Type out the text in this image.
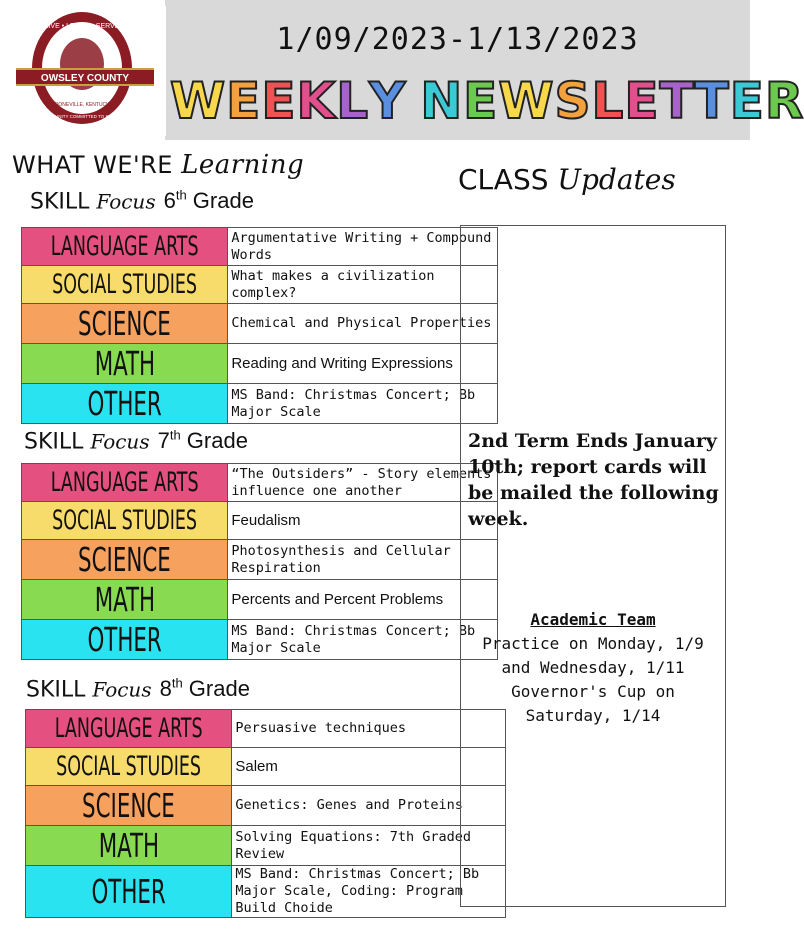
OWSLEY COUNTY
LIVE • LEARN • SERVE
BOONEVILLE, KENTUCKY
A COMMUNITY COMMITTED TO SUCCESS
1/09/2023-1/13/2023
WEEKLY NEWSLETTER
WHAT WE'RE Learning	CLASS Updates
SKILL Focus 6th Grade
LANGUAGE ARTS	Argumentative Writing + Compound Words
SOCIAL STUDIES	What makes a civilization complex?
SCIENCE	Chemical and Physical Properties
MATH	Reading and Writing Expressions
OTHER	MS Band: Christmas Concert; Bb Major Scale
SKILL Focus 7th Grade
LANGUAGE ARTS	“The Outsiders” - Story elements influence one another
SOCIAL STUDIES	Feudalism
SCIENCE	Photosynthesis and Cellular Respiration
MATH	Percents and Percent Problems
OTHER	MS Band: Christmas Concert; Bb Major Scale
SKILL Focus 8th Grade
LANGUAGE ARTS	Persuasive techniques
SOCIAL STUDIES	Salem
SCIENCE	Genetics: Genes and Proteins
MATH	Solving Equations: 7th Graded Review
OTHER	MS Band: Christmas Concert; Bb Major Scale, Coding: Program Build Choide
2nd Term Ends January 10th; report cards will be mailed the following week.
Academic Team
Practice on Monday, 1/9
and Wednesday, 1/11
Governor's Cup on
Saturday, 1/14
